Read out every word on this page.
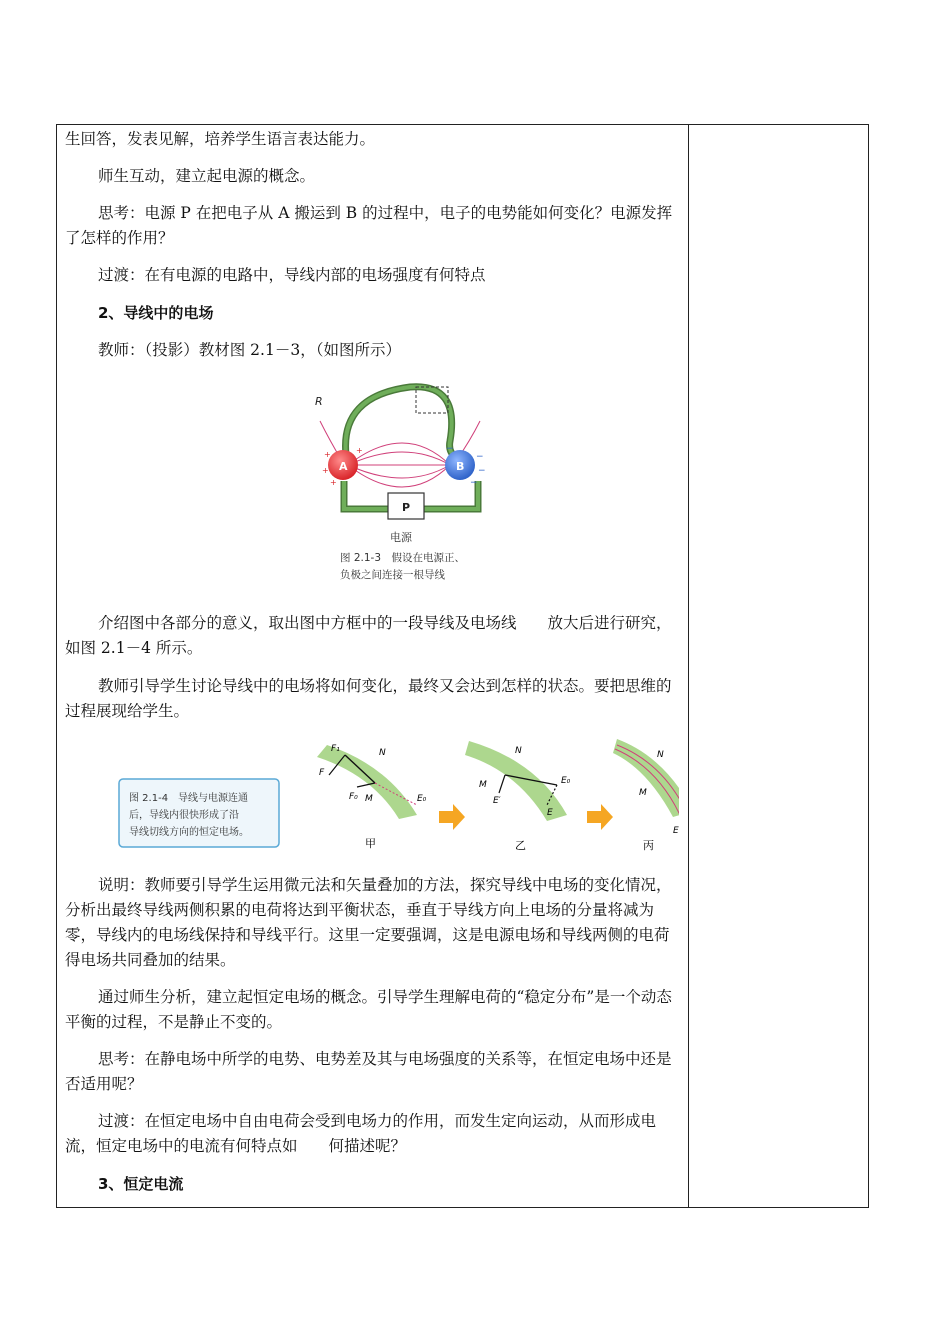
生回答，发表见解，培养学生语言表达能力。

师生互动，建立起电源的概念。

思考：电源 P 在把电子从 A 搬运到 B 的过程中，电子的电势能如何变化？电源发挥了怎样的作用？

过渡：在有电源的电路中，导线内部的电场强度有何特点

2、导线中的电场

教师：（投影）教材图 2.1－3，（如图所示）

A	B
R
P
+
+
+
+
−
−
−
−
电源
图 2.1-3　假设在电源正、
负极之间连接一根导线

介绍图中各部分的意义，取出图中方框中的一段导线及电场线　　放大后进行研究，如图 2.1－4 所示。

教师引导学生讨论导线中的电场将如何变化，最终又会达到怎样的状态。要把思维的过程展现给学生。

图 2.1-4　导线与电源连通
后，导线内很快形成了沿
导线切线方向的恒定电场。
F₁
F
F₀
N
M	E₀
甲
N
M
E′
E₀
E
乙
N
M
E
丙

说明：教师要引导学生运用微元法和矢量叠加的方法，探究导线中电场的变化情况，分析出最终导线两侧积累的电荷将达到平衡状态，垂直于导线方向上电场的分量将减为零，导线内的电场线保持和导线平行。这里一定要强调，这是电源电场和导线两侧的电荷得电场共同叠加的结果。

通过师生分析，建立起恒定电场的概念。引导学生理解电荷的“稳定分布”是一个动态平衡的过程，不是静止不变的。

思考：在静电场中所学的电势、电势差及其与电场强度的关系等，在恒定电场中还是否适用呢？

过渡：在恒定电场中自由电荷会受到电场力的作用，而发生定向运动，从而形成电流，恒定电场中的电流有何特点如　　何描述呢？

3、恒定电流
